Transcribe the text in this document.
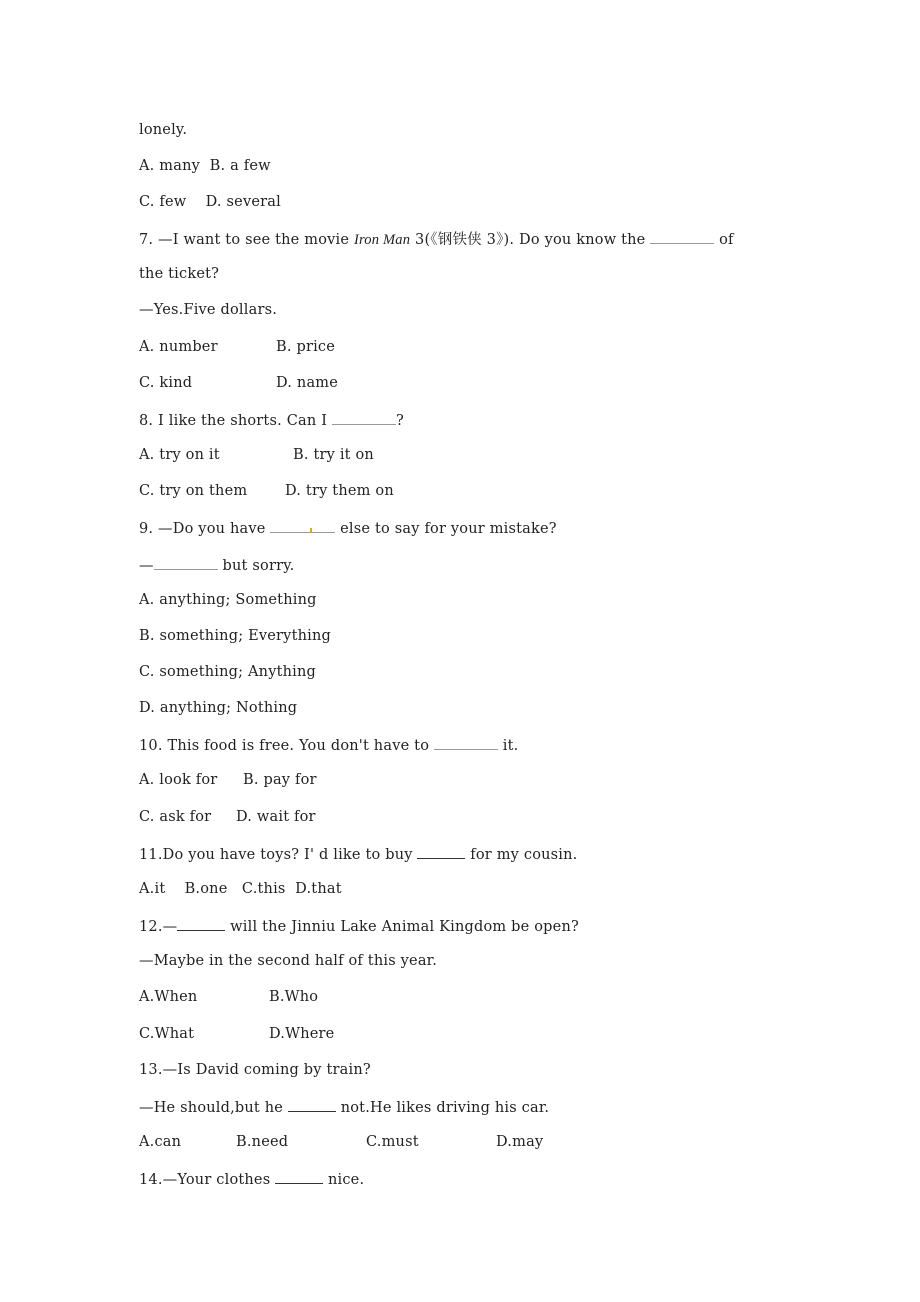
lonely.
A. many  B. a few
C. few    D. several
7. —I want to see the movie Iron Man 3(《钢铁侠 3》). Do you know the	of
the ticket?
—Yes.Five dollars.
A. number	B. price
C. kind	D. name
8. I like the shorts. Can I	?
A. try on it	B. try it on
C. try on them	D. try them on
9. —Do you have	else to say for your mistake?
—	but sorry.
A. anything; Something
B. something; Everything
C. something; Anything
D. anything; Nothing
10. This food is free. You don't have to	it.
A. look for B. pay for
C. ask for D. wait for
11.Do you have toys? I' d like to buy	for my cousin.
A.it    B.one   C.this  D.that
12.—	will the Jinniu Lake Animal Kingdom be open?
—Maybe in the second half of this year.
A.When	B.Who
C.What	D.Where
13.—Is David coming by train?
—He should,but he	not.He likes driving his car.
A.can	B.need	C.must	D.may
14.—Your clothes	nice.
